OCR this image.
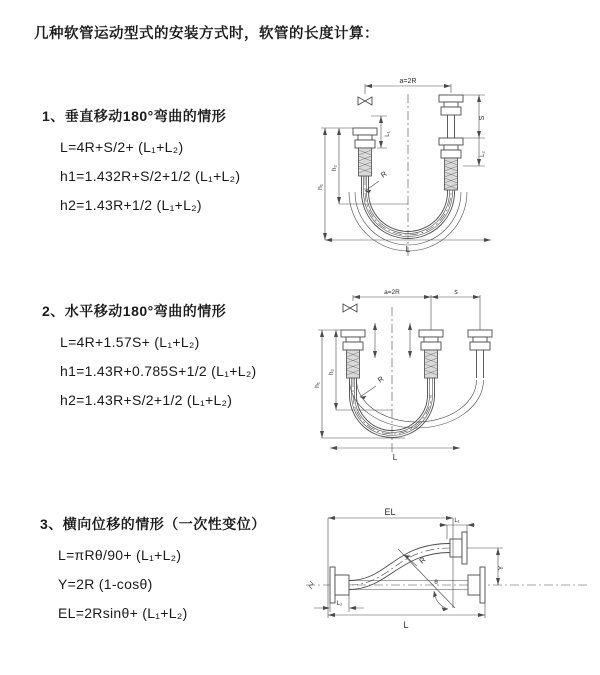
几种软管运动型式的安装方式时，软管的长度计算：
1、垂直移动180°弯曲的情形
L=4R+S/2+ (L₁+L₂)
h1=1.432R+S/2+1/2 (L₁+L₂)
h2=1.43R+1/2 (L₁+L₂)
2、水平移动180°弯曲的情形
L=4R+1.57S+ (L₁+L₂)
h1=1.43R+0.785S+1/2 (L₁+L₂)
h2=1.43R+S/2+1/2 (L₁+L₂)
3、横向位移的情形（一次性变位）
L=πRθ/90+ (L₁+L₂)
Y=2R (1-cosθ)
EL=2Rsinθ+ (L₁+L₂)
a=2R
R
h₁
h₂
L₁
S
L₂
L
a=2R	s
R
h₁
h₂
L
EL
L₁
Y
R
θ
L₂
L
